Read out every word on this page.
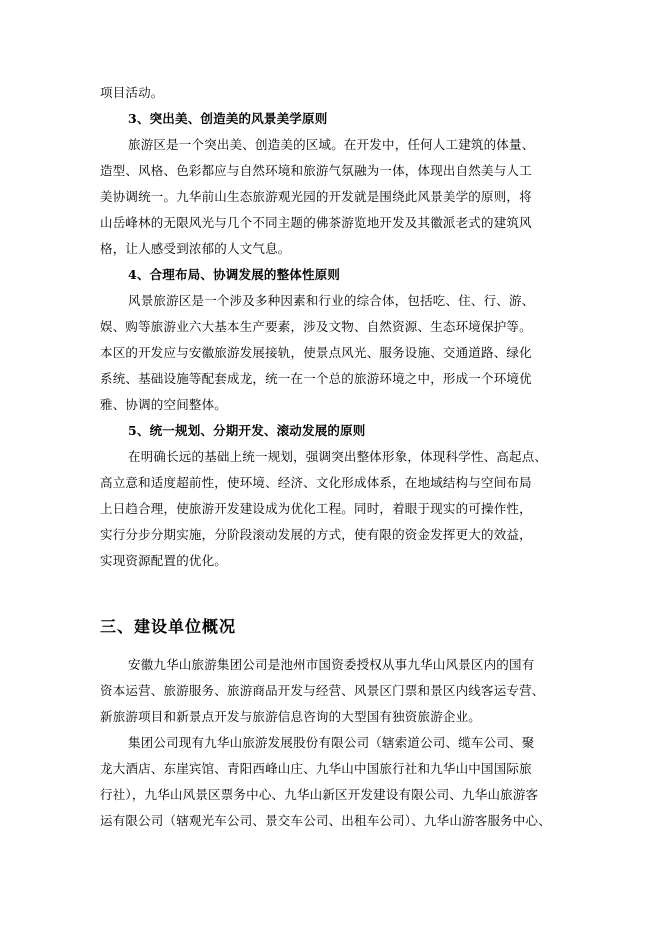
项目活动。
3、突出美、创造美的风景美学原则
旅游区是一个突出美、创造美的区域。在开发中，任何人工建筑的体量、
造型、风格、色彩都应与自然环境和旅游气氛融为一体，体现出自然美与人工
美协调统一。九华前山生态旅游观光园的开发就是围绕此风景美学的原则，将
山岳峰林的无限风光与几个不同主题的佛茶游览地开发及其徽派老式的建筑风
格，让人感受到浓郁的人文气息。
4、合理布局、协调发展的整体性原则
风景旅游区是一个涉及多种因素和行业的综合体，包括吃、住、行、游、
娱、购等旅游业六大基本生产要素，涉及文物、自然资源、生态环境保护等。
本区的开发应与安徽旅游发展接轨，使景点风光、服务设施、交通道路、绿化
系统、基础设施等配套成龙，统一在一个总的旅游环境之中，形成一个环境优
雅、协调的空间整体。
5、统一规划、分期开发、滚动发展的原则
在明确长远的基础上统一规划，强调突出整体形象，体现科学性、高起点、
高立意和适度超前性，使环境、经济、文化形成体系，在地域结构与空间布局
上日趋合理，使旅游开发建设成为优化工程。同时，着眼于现实的可操作性，
实行分步分期实施，分阶段滚动发展的方式，使有限的资金发挥更大的效益，
实现资源配置的优化。
三、建设单位概况
安徽九华山旅游集团公司是池州市国资委授权从事九华山风景区内的国有
资本运营、旅游服务、旅游商品开发与经营、风景区门票和景区内线客运专营、
新旅游项目和新景点开发与旅游信息咨询的大型国有独资旅游企业。
集团公司现有九华山旅游发展股份有限公司（辖索道公司、缆车公司、聚
龙大酒店、东崖宾馆、青阳西峰山庄、九华山中国旅行社和九华山中国国际旅
行社），九华山风景区票务中心、九华山新区开发建设有限公司、九华山旅游客
运有限公司（辖观光车公司、景交车公司、出租车公司）、九华山游客服务中心、
